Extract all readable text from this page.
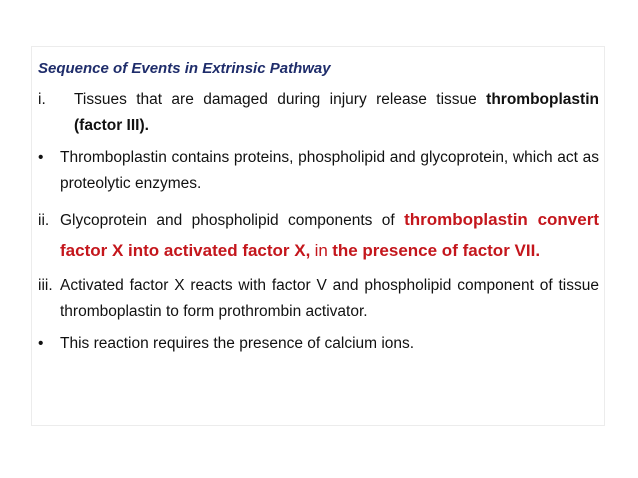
Sequence of Events in Extrinsic Pathway

i. Tissues that are damaged during injury release tissue thromboplastin (factor III).

• Thromboplastin contains proteins, phospholipid and glycoprotein, which act as proteolytic enzymes.

ii. Glycoprotein and phospholipid components of thromboplastin convert factor X into activated factor X, in the presence of factor VII.

iii. Activated factor X reacts with factor V and phospholipid component of tissue thromboplastin to form prothrombin activator.

• This reaction requires the presence of calcium ions.
